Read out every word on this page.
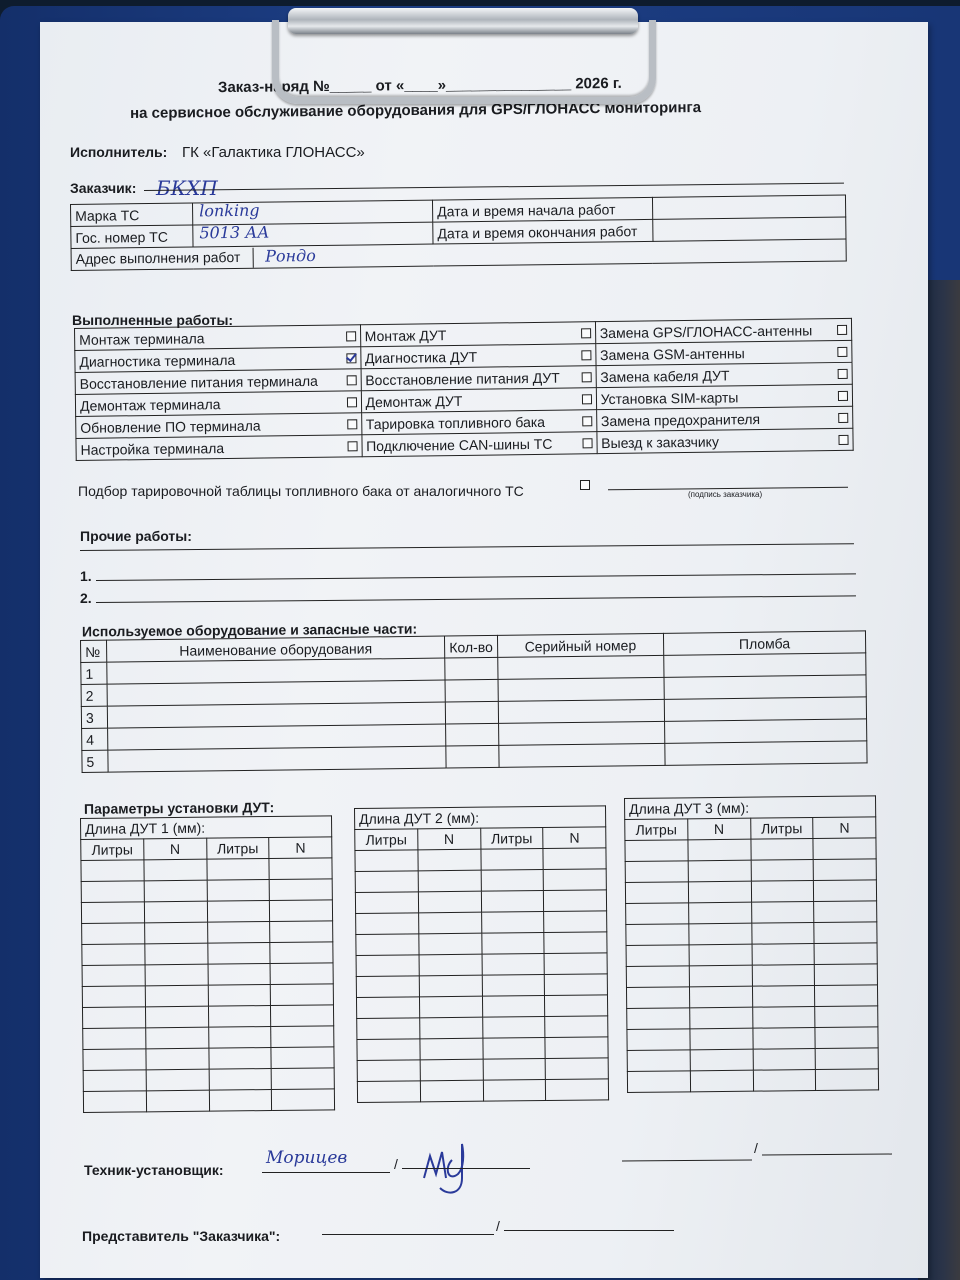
Заказ-наряд №_____ от «____»_______________ 2026 г.
на сервисное обслуживание оборудования для GPS/ГЛОНАСС мониторинга
Исполнитель: ГК «Галактика ГЛОНАСС»
Заказчик: БКХП
Марка ТС	lonking	Дата и время начала работ	
Гос. номер ТС	5013 АА	Дата и время окончания работ	
Адрес выполнения работ Рондо			
Выполненные работы:
Монтаж терминала	Монтаж ДУТ	Замена GPS/ГЛОНАСС-антенны

Диагностика терминала	Диагностика ДУТ	Замена GSM-антенны

Восстановление питания терминала	Восстановление питания ДУТ	Замена кабеля ДУТ

Демонтаж терминала	Демонтаж ДУТ	Установка SIM-карты

Обновление ПО терминала	Тарировка топливного бака	Замена предохранителя

Настройка терминала	Подключение CAN-шины ТС	Выезд к заказчику
Подбор тарировочной таблицы топливного бака от аналогичного ТС	(подпись заказчика)
Прочие работы:
1.
2.
Используемое оборудование и запасные части:
№	Наименование оборудования	Кол-во	Серийный номер	Пломба
1				
2				
3				
4				
5				
Параметры установки ДУТ:
Техник-установщик:
Морицев	/
/
Представитель "Заказчика":
/
Длина ДУТ 1 (мм):			
Литры	N	Литры	N

Длина ДУТ 2 (мм):			
Литры	N	Литры	N

Длина ДУТ 3 (мм):			
Литры	N	Литры	N
